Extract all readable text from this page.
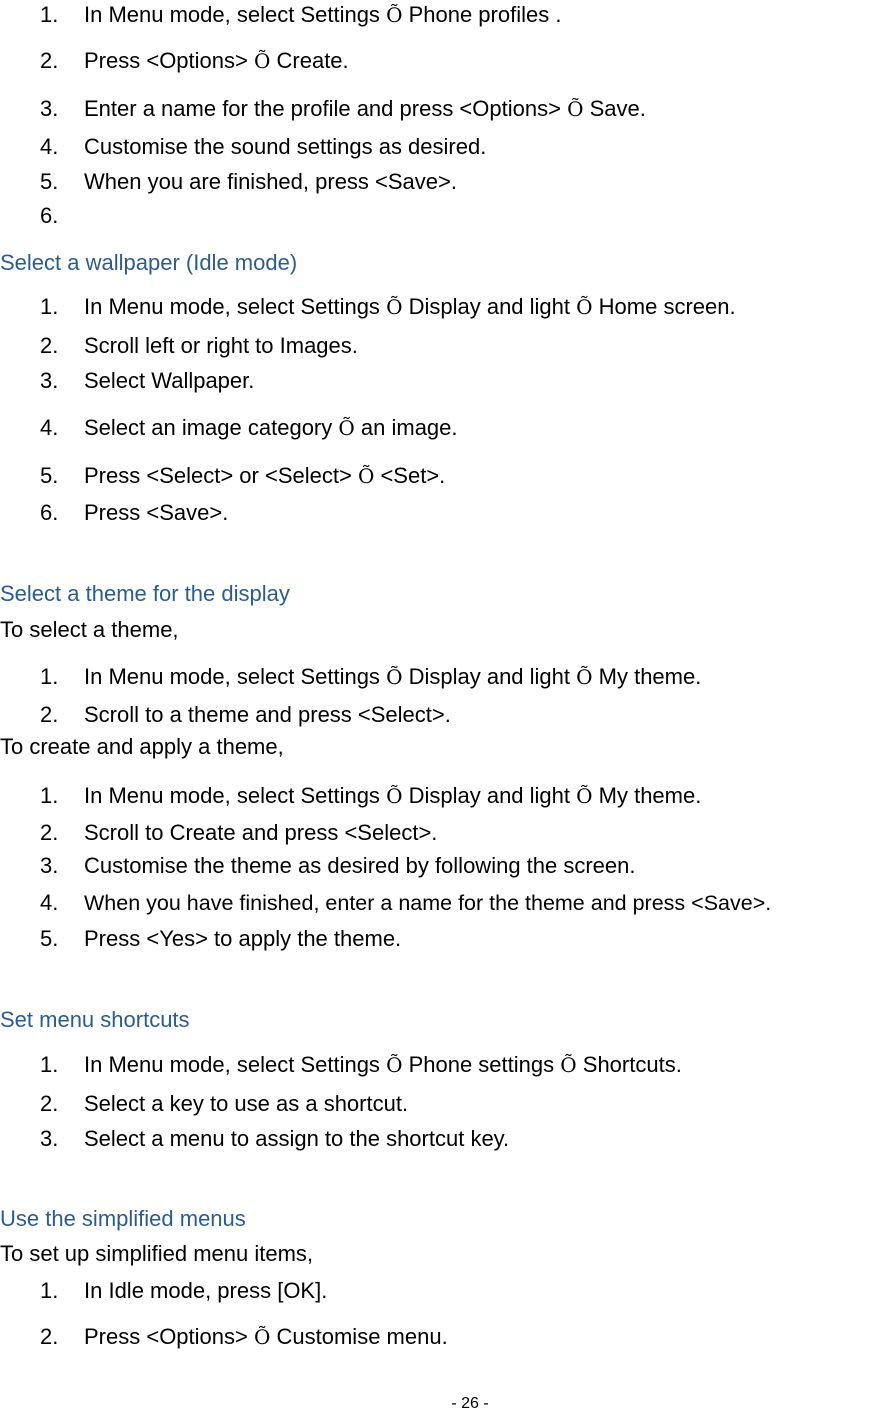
1. In Menu mode, select Settings Õ Phone profiles .
2. Press <Options> Õ Create.
3. Enter a name for the profile and press <Options> Õ Save.
4. Customise the sound settings as desired.
5. When you are finished, press <Save>.
6.
Select a wallpaper (Idle mode)
1. In Menu mode, select Settings Õ Display and light Õ Home screen.
2. Scroll left or right to Images.
3. Select Wallpaper.
4. Select an image category Õ an image.
5. Press <Select> or <Select> Õ <Set>.
6. Press <Save>.
Select a theme for the display
To select a theme,
1. In Menu mode, select Settings Õ Display and light Õ My theme.
2. Scroll to a theme and press <Select>.
To create and apply a theme,
1. In Menu mode, select Settings Õ Display and light Õ My theme.
2. Scroll to Create and press <Select>.
3. Customise the theme as desired by following the screen.
4. When you have finished, enter a name for the theme and press <Save>.
5. Press <Yes> to apply the theme.
Set menu shortcuts
1. In Menu mode, select Settings Õ Phone settings Õ Shortcuts.
2. Select a key to use as a shortcut.
3. Select a menu to assign to the shortcut key.
Use the simplified menus
To set up simplified menu items,
1. In Idle mode, press [OK].
2. Press <Options> Õ Customise menu.
- 26 -
